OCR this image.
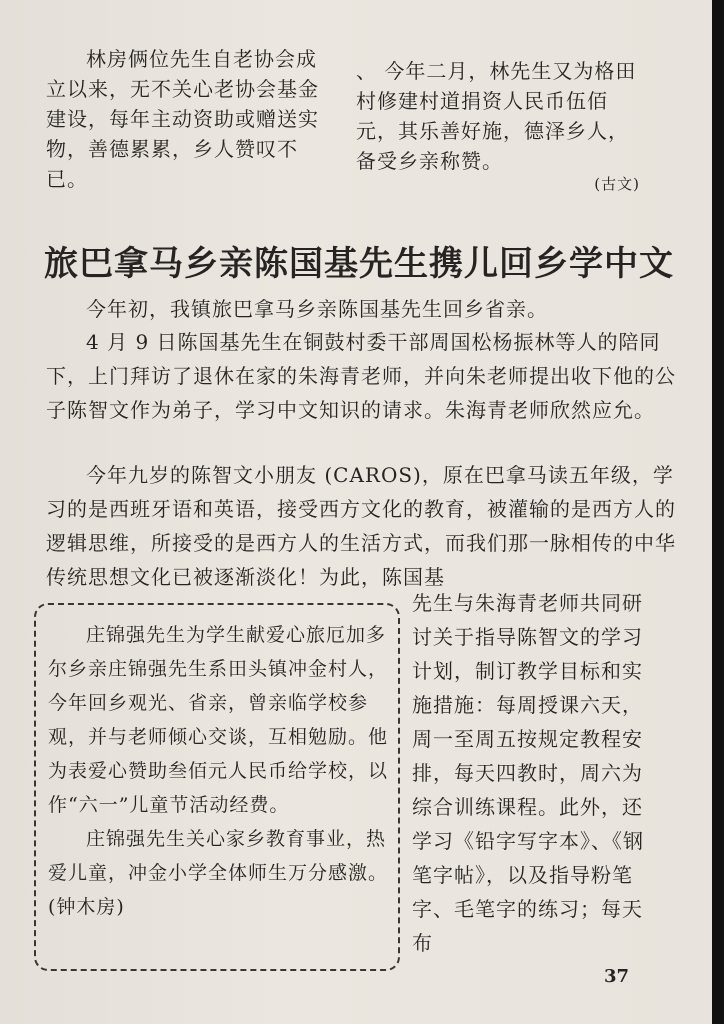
林房俩位先生自老协会成立以来，无不关心老协会基金建设，每年主动资助或赠送实物，善德累累，乡人赞叹不已。

、 今年二月，林先生又为格田村修建村道捐资人民币伍佰元，其乐善好施，德泽乡人，备受乡亲称赞。

(古文)

旅巴拿马乡亲陈国基先生携儿回乡学中文

今年初，我镇旅巴拿马乡亲陈国基先生回乡省亲。

4 月 9 日陈国基先生在铜鼓村委干部周国松杨振林等人的陪同下，上门拜访了退休在家的朱海青老师，并向朱老师提出收下他的公子陈智文作为弟子，学习中文知识的请求。朱海青老师欣然应允。

今年九岁的陈智文小朋友 (CAROS)，原在巴拿马读五年级，学习的是西班牙语和英语，接受西方文化的教育，被灌输的是西方人的逻辑思维，所接受的是西方人的生活方式，而我们那一脉相传的中华传统思想文化已被逐渐淡化！为此，陈国基

先生与朱海青老师共同研讨关于指导陈智文的学习计划，制订教学目标和实施措施：每周授课六天，周一至周五按规定教程安排，每天四教时，周六为综合训练课程。此外，还学习《铅字写字本》、《钢笔字帖》，以及指导粉笔字、毛笔字的练习；每天布

庄锦强先生为学生献爱心旅厄加多尔乡亲庄锦强先生系田头镇冲金村人，今年回乡观光、省亲，曾亲临学校参观，并与老师倾心交谈，互相勉励。他为表爱心赞助叁佰元人民币给学校，以作“六一”儿童节活动经费。

庄锦强先生关心家乡教育事业，热爱儿童，冲金小学全体师生万分感激。(钟木房)

37
